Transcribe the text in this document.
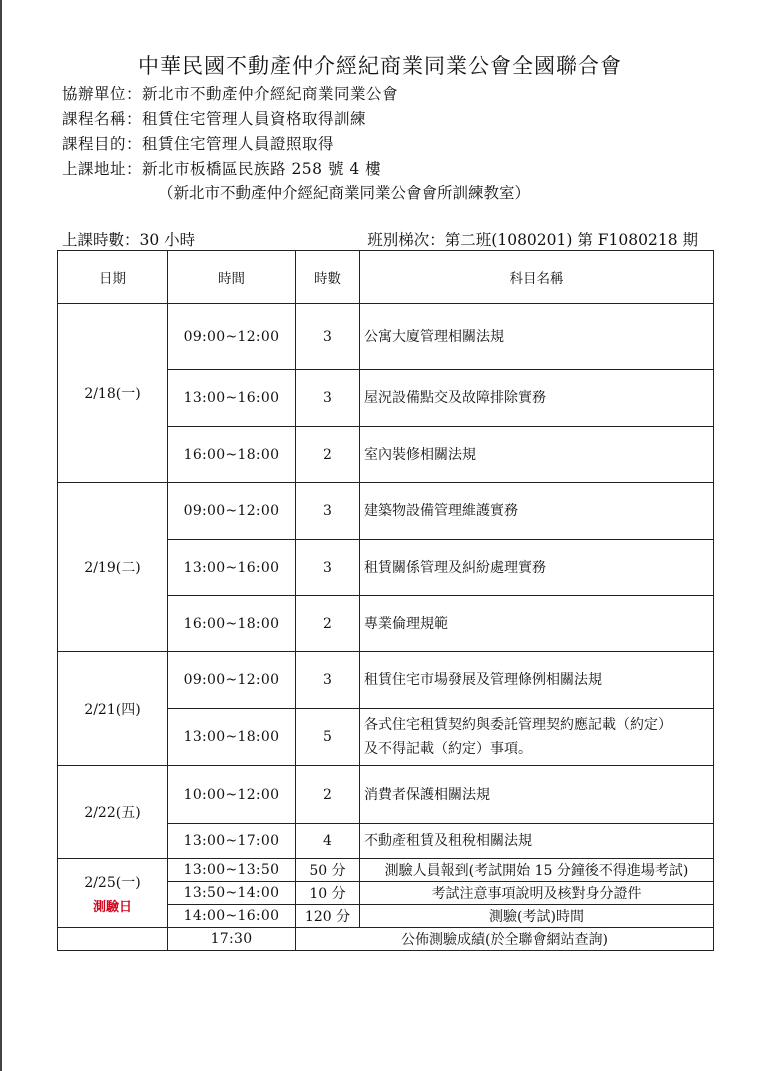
中華民國不動產仲介經紀商業同業公會全國聯合會
協辦單位：新北市不動產仲介經紀商業同業公會
課程名稱：租賃住宅管理人員資格取得訓練
課程目的：租賃住宅管理人員證照取得
上課地址：新北市板橋區民族路 258 號 4 樓
（新北市不動產仲介經紀商業同業公會會所訓練教室）
上課時數：30 小時	班別梯次：第二班(1080201) 第 F1080218 期
日期	時間	時數	科目名稱
2/18(一)	09:00~12:00	3	公寓大廈管理相關法規
	13:00~16:00	3	屋況設備點交及故障排除實務
	16:00~18:00	2	室內裝修相關法規
2/19(二)	09:00~12:00	3	建築物設備管理維護實務
	13:00~16:00	3	租賃關係管理及糾紛處理實務
	16:00~18:00	2	專業倫理規範
2/21(四)	09:00~12:00	3	租賃住宅市場發展及管理條例相關法規
	13:00~18:00	5	各式住宅租賃契約與委託管理契約應記載（約定）
及不得記載（約定）事項。

2/22(五)	10:00~12:00	2	消費者保護相關法規
	13:00~17:00	4	不動產租賃及租稅相關法規
2/25(一)
測驗日	13:00~13:50	50 分	測驗人員報到(考試開始 15 分鐘後不得進場考試)
	13:50~14:00	10 分	考試注意事項說明及核對身分證件
	14:00~16:00	120 分	測驗(考試)時間
	17:30	公佈測驗成績(於全聯會網站查詢)	
